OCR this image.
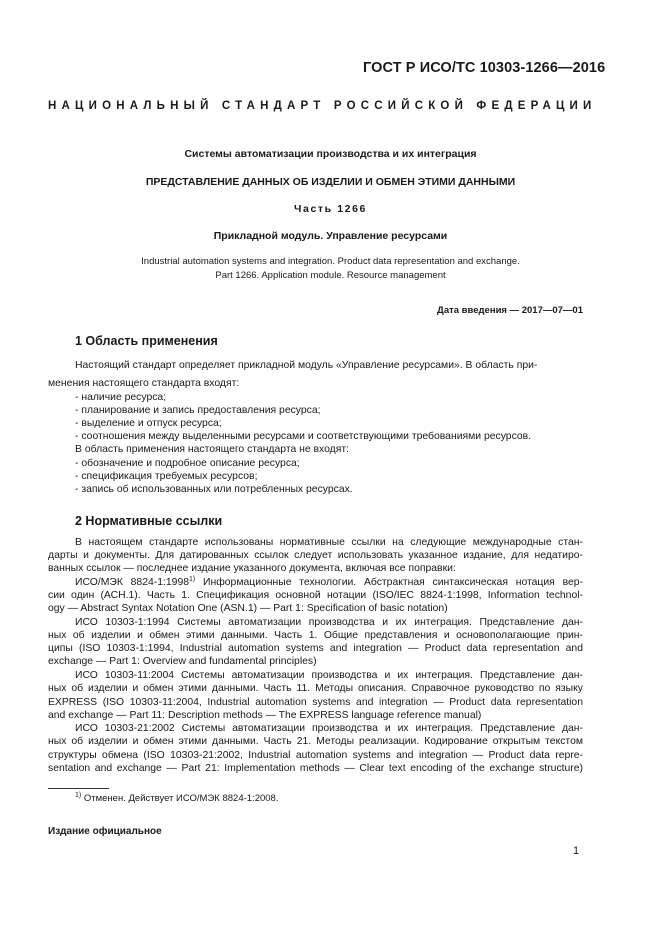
ГОСТ Р ИСО/ТС 10303-1266—2016
НАЦИОНАЛЬНЫЙ СТАНДАРТ РОССИЙСКОЙ ФЕДЕРАЦИИ
Системы автоматизации производства и их интеграция
ПРЕДСТАВЛЕНИЕ ДАННЫХ ОБ ИЗДЕЛИИ И ОБМЕН ЭТИМИ ДАННЫМИ
Часть 1266
Прикладной модуль. Управление ресурсами
Industrial automation systems and integration. Product data representation and exchange.
Part 1266. Application module. Resource management
Дата введения — 2017—07—01
1 Область применения
Настоящий стандарт определяет прикладной модуль «Управление ресурсами». В область при-
менения настоящего стандарта входят:
- наличие ресурса;
- планирование и запись предоставления ресурса;
- выделение и отпуск ресурса;
- соотношения между выделенными ресурсами и соответствующими требованиями ресурсов.
В область применения настоящего стандарта не входят:
- обозначение и подробное описание ресурса;
- спецификация требуемых ресурсов;
- запись об использованных или потребленных ресурсах.
2 Нормативные ссылки
В настоящем стандарте использованы нормативные ссылки на следующие международные стан-
дарты и документы. Для датированных ссылок следует использовать указанное издание, для недатиро-
ванных ссылок — последнее издание указанного документа, включая все поправки:
ИСО/МЭК 8824-1:1998$^{1)}$ Информационные технологии. Абстрактная синтаксическая нотация вер-
сии один (АСН.1). Часть 1. Спецификация основной нотации (ISO/IEC 8824-1:1998, Information technol-
ogy — Abstract Syntax Notation One (ASN.1) — Part 1: Specification of basic notation)
ИСО 10303-1:1994 Системы автоматизации производства и их интеграция. Представление дан-
ных об изделии и обмен этими данными. Часть 1. Общие представления и основополагающие прин-
ципы (ISO 10303-1:1994, Industrial automation systems and integration — Product data representation and
exchange — Part 1: Overview and fundamental principles)
ИСО 10303-11:2004 Системы автоматизации производства и их интеграция. Представление дан-
ных об изделии и обмен этими данными. Часть 11. Методы описания. Справочное руководство по языку
EXPRESS (ISO 10303-11:2004, Industrial automation systems and integration — Product data representation
and exchange — Part 11: Description methods — The EXPRESS language reference manual)
ИСО 10303-21:2002 Системы автоматизации производства и их интеграция. Представление дан-
ных об изделии и обмен этими данными. Часть 21. Методы реализации. Кодирование открытым текстом
структуры обмена (ISO 10303-21:2002, Industrial automation systems and integration — Product data repre-
sentation and exchange — Part 21: Implementation methods — Clear text encoding of the exchange structure)
$^{1)}$ Отменен. Действует ИСО/МЭК 8824-1:2008.
Издание официальное
1
